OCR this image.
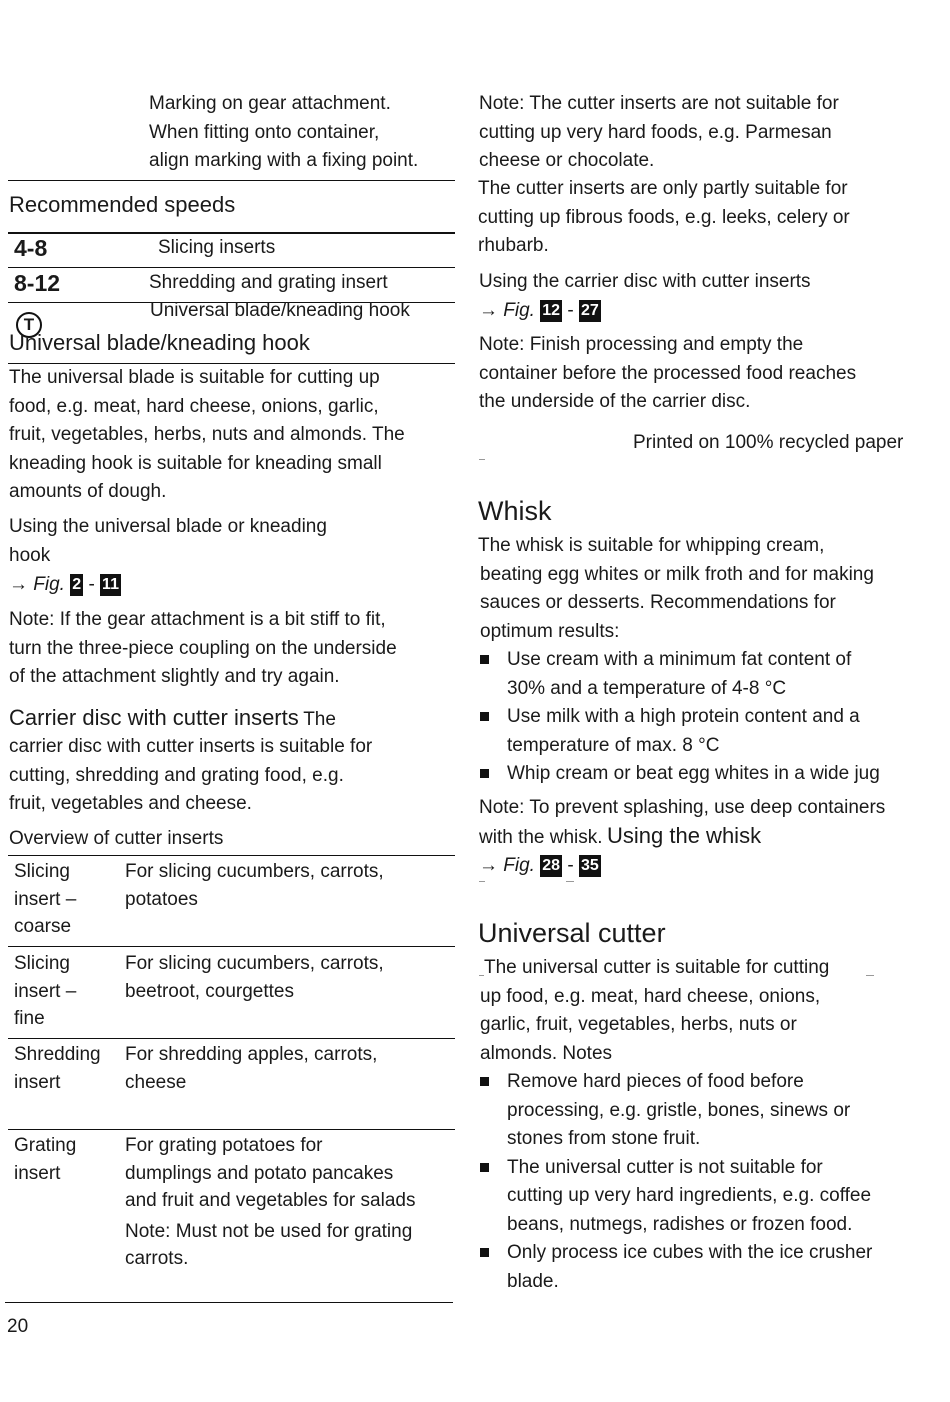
Marking on gear attachment.

When fitting onto container,

align marking with a fixing point.

Recommended speeds
4-8	Slicing inserts
8-12	Shredding and grating insert
Universal blade/kneading hook
T
Universal blade/kneading hook

The universal blade is suitable for cutting up

food, e.g. meat, hard cheese, onions, garlic,

fruit, vegetables, herbs, nuts and almonds. The

kneading hook is suitable for kneading small

amounts of dough.

Using the universal blade or kneading

hook

→ Fig. 2 - 11

Note: If the gear attachment is a bit stiff to fit,

turn the three-piece coupling on the underside

of the attachment slightly and try again.

Carrier disc with cutter inserts The

carrier disc with cutter inserts is suitable for

cutting, shredding and grating food, e.g.

fruit, vegetables and cheese.

Overview of cutter inserts
Slicing
insert –
coarse
For slicing cucumbers, carrots,
potatoes
Slicing
insert –
fine
For slicing cucumbers, carrots,
beetroot, courgettes
Shredding
insert
For shredding apples, carrots,
cheese
Grating
insert
For grating potatoes for
dumplings and potato pancakes
and fruit and vegetables for salads
Note: Must not be used for grating
carrots.
20

Note: The cutter inserts are not suitable for

cutting up very hard foods, e.g. Parmesan

cheese or chocolate.

The cutter inserts are only partly suitable for

cutting up fibrous foods, e.g. leeks, celery or

rhubarb.

Using the carrier disc with cutter inserts
→ Fig. 12 - 27

Note: Finish processing and empty the

container before the processed food reaches

the underside of the carrier disc.

Printed on 100% recycled paper
Whisk

The whisk is suitable for whipping cream,

beating egg whites or milk froth and for making

sauces or desserts. Recommendations for

optimum results:

Use cream with a minimum fat content of
30% and a temperature of 4-8 °C
Use milk with a high protein content and a
temperature of max. 8 °C
Whip cream or beat egg whites in a wide jug
Note: To prevent splashing, use deep containers
with the whisk. Using the whisk
→ Fig. 28 - 35
Universal cutter

The universal cutter is suitable for cutting

up food, e.g. meat, hard cheese, onions,

garlic, fruit, vegetables, herbs, nuts or

almonds. Notes

Remove hard pieces of food before
processing, e.g. gristle, bones, sinews or
stones from stone fruit.
The universal cutter is not suitable for
cutting up very hard ingredients, e.g. coffee
beans, nutmegs, radishes or frozen food.
Only process ice cubes with the ice crusher
blade.
